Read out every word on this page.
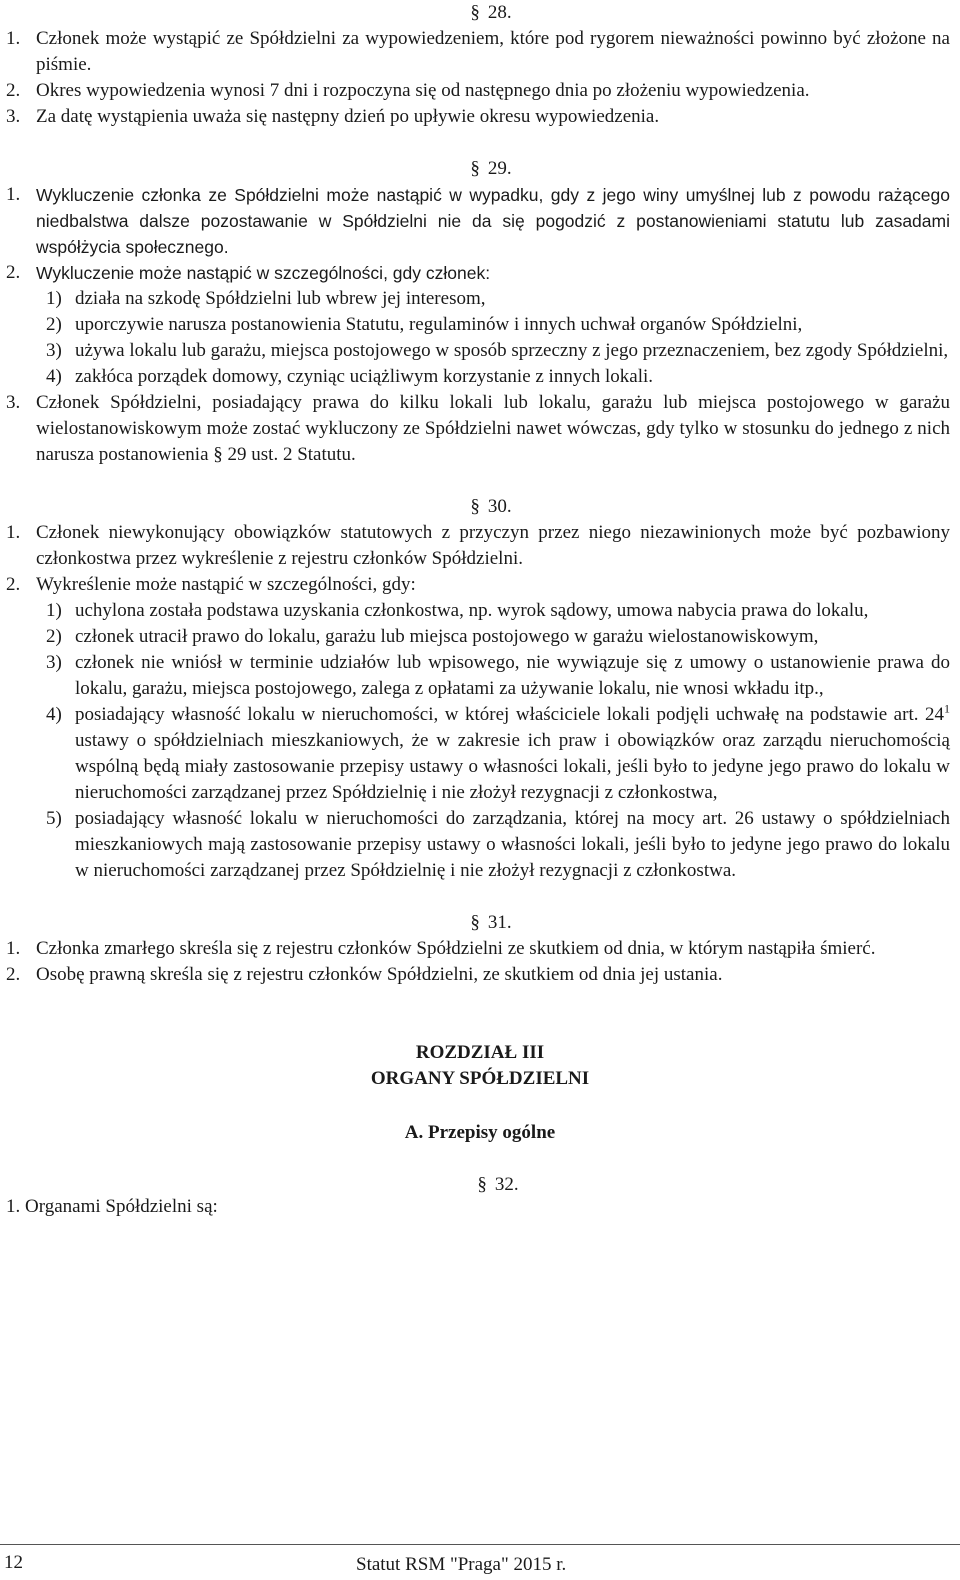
§ 28.

1. Członek może wystąpić ze Spółdzielni za wypowiedzeniem, które pod rygorem nieważności powinno być złożone na piśmie.
2. Okres wypowiedzenia wynosi 7 dni i rozpoczyna się od następnego dnia po złożeniu wypowiedzenia.
3. Za datę wystąpienia uważa się następny dzień po upływie okresu wypowiedzenia.

§ 29.

1. Wykluczenie członka ze Spółdzielni może nastąpić w wypadku, gdy z jego winy umyślnej lub z powodu rażącego niedbalstwa dalsze pozostawanie w Spółdzielni nie da się pogodzić z postanowieniami statutu lub zasadami współżycia społecznego.
2. Wykluczenie może nastąpić w szczególności, gdy członek:
1) działa na szkodę Spółdzielni lub wbrew jej interesom,
2) uporczywie narusza postanowienia Statutu, regulaminów i innych uchwał organów Spółdzielni,
3) używa lokalu lub garażu, miejsca postojowego w sposób sprzeczny z jego przeznaczeniem, bez zgody Spółdzielni,
4) zakłóca porządek domowy, czyniąc uciążliwym korzystanie z innych lokali.
3. Członek Spółdzielni, posiadający prawa do kilku lokali lub lokalu, garażu lub miejsca postojowego w garażu wielostanowiskowym może zostać wykluczony ze Spółdzielni nawet wówczas, gdy tylko w stosunku do jednego z nich narusza postanowienia § 29 ust. 2 Statutu.

§ 30.

1. Członek niewykonujący obowiązków statutowych z przyczyn przez niego niezawinionych może być pozbawiony członkostwa przez wykreślenie z rejestru członków Spółdzielni.
2. Wykreślenie może nastąpić w szczególności, gdy:
1) uchylona została podstawa uzyskania członkostwa, np. wyrok sądowy, umowa nabycia prawa do lokalu,
2) członek utracił prawo do lokalu, garażu lub miejsca postojowego w garażu wielostanowiskowym,
3) członek nie wniósł w terminie udziałów lub wpisowego, nie wywiązuje się z umowy o ustanowienie prawa do lokalu, garażu, miejsca postojowego, zalega z opłatami za używanie lokalu, nie wnosi wkładu itp.,
4) posiadający własność lokalu w nieruchomości, w której właściciele lokali podjęli uchwałę na podstawie art. $24^1$ ustawy o spółdzielniach mieszkaniowych, że w zakresie ich praw i obowiązków oraz zarządu nieruchomością wspólną będą miały zastosowanie przepisy ustawy o własności lokali, jeśli było to jedyne jego prawo do lokalu w nieruchomości zarządzanej przez Spółdzielnię i nie złożył rezygnacji z członkostwa,
5) posiadający własność lokalu w nieruchomości do zarządzania, której na mocy art. 26 ustawy o spółdzielniach mieszkaniowych mają zastosowanie przepisy ustawy o własności lokali, jeśli było to jedyne jego prawo do lokalu w nieruchomości zarządzanej przez Spółdzielnię i nie złożył rezygnacji z członkostwa.

§ 31.

1. Członka zmarłego skreśla się z rejestru członków Spółdzielni ze skutkiem od dnia, w którym nastąpiła śmierć.
2. Osobę prawną skreśla się z rejestru członków Spółdzielni, ze skutkiem od dnia jej ustania.

ROZDZIAŁ III

ORGANY SPÓŁDZIELNI

A. Przepisy ogólne

§ 32.

1. Organami Spółdzielni są:

12	Statut RSM "Praga" 2015 r.
